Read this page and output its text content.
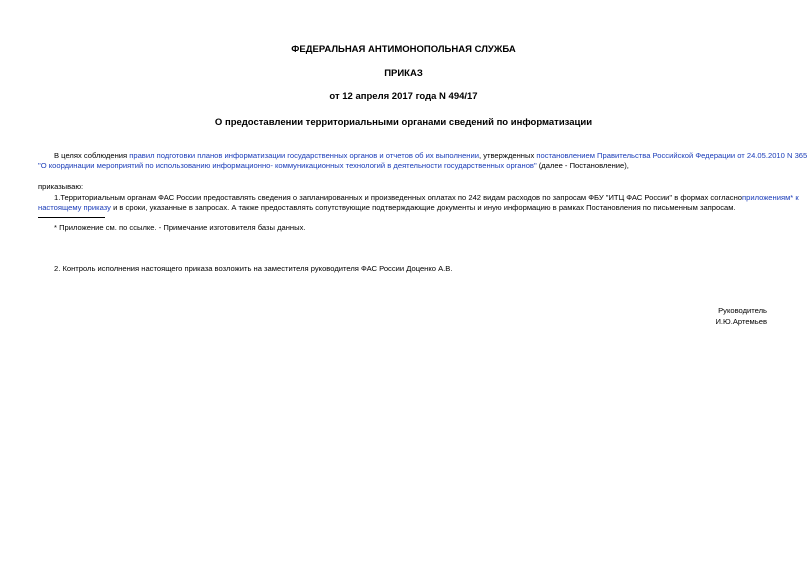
ФЕДЕРАЛЬНАЯ АНТИМОНОПОЛЬНАЯ СЛУЖБА
ПРИКАЗ
от 12 апреля 2017 года N 494/17
О предоставлении территориальными органами сведений по информатизации
В целях соблюдения правил подготовки планов информатизации государственных органов и отчетов об их выполнении, утвержденных постановлением Правительства Российской Федерации от 24.05.2010 N 365
"О координации мероприятий по использованию информационно- коммуникационных технологий в деятельности государственных органов" (далее - Постановление),
приказываю:
1.Территориальным органам ФАС России предоставлять сведения о запланированных и произведенных оплатах по 242 видам расходов по запросам ФБУ "ИТЦ ФАС России" в формах согласноприложениям* к
настоящему приказу и в сроки, указанные в запросах. А также предоставлять сопутствующие подтверждающие документы и иную информацию в рамках Постановления по письменным запросам.
* Приложение см. по ссылке. - Примечание изготовителя базы данных.
2. Контроль исполнения настоящего приказа возложить на заместителя руководителя ФАС России Доценко А.В.
Руководитель
И.Ю.Артемьев
